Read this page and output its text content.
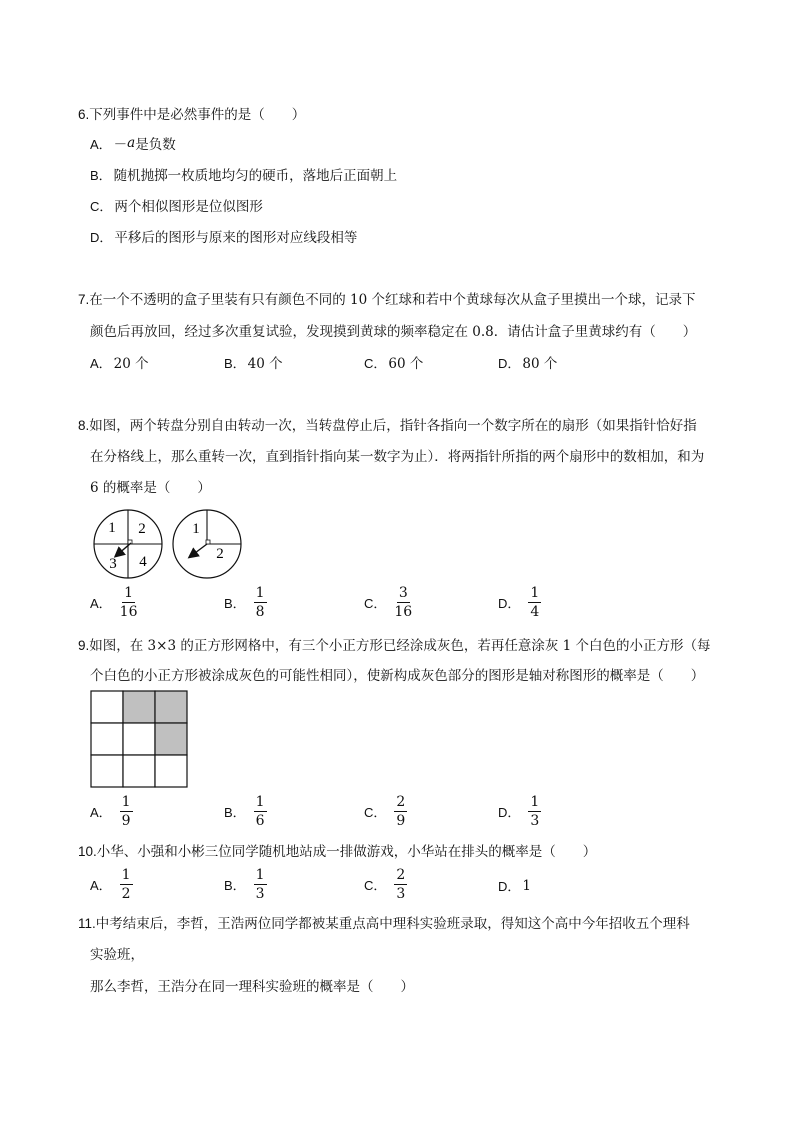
6.下列事件中是必然事件的是（　　）
A． － a 是负数
B． 随机抛掷一枚质地均匀的硬币，落地后正面朝上
C． 两个相似图形是位似图形
D． 平移后的图形与原来的图形对应线段相等
7.在一个不透明的盒子里装有只有颜色不同的 10 个红球和若中个黄球每次从盒子里摸出一个球，记录下
颜色后再放回，经过多次重复试验，发现摸到黄球的频率稳定在 0.8．请估计盒子里黄球约有（　　）
A． 20 个	B． 40 个	C． 60 个	D． 80 个
8.如图，两个转盘分别自由转动一次，当转盘停止后，指针各指向一个数字所在的扇形（如果指针恰好指
在分格线上，那么重转一次，直到指针指向某一数字为止）．将两指针所指的两个扇形中的数相加，和为
6 的概率是（　　）
1 2
3 4
1
2
A． $\frac{1}{16}$	B． $\frac{1}{8}$	C． $\frac{3}{16}$	D． $\frac{1}{4}$
9.如图，在 3×3 的正方形网格中，有三个小正方形已经涂成灰色，若再任意涂灰 1 个白色的小正方形（每
个白色的小正方形被涂成灰色的可能性相同），使新构成灰色部分的图形是轴对称图形的概率是（　　）
A． $\frac{1}{9}$	B． $\frac{1}{6}$	C． $\frac{2}{9}$	D． $\frac{1}{3}$
10.小华、小强和小彬三位同学随机地站成一排做游戏，小华站在排头的概率是（　　）
A． $\frac{1}{2}$	B． $\frac{1}{3}$	C． $\frac{2}{3}$	D． 1
11.中考结束后，李哲，王浩两位同学都被某重点高中理科实验班录取，得知这个高中今年招收五个理科
实验班，
那么李哲，王浩分在同一理科实验班的概率是（　　）
